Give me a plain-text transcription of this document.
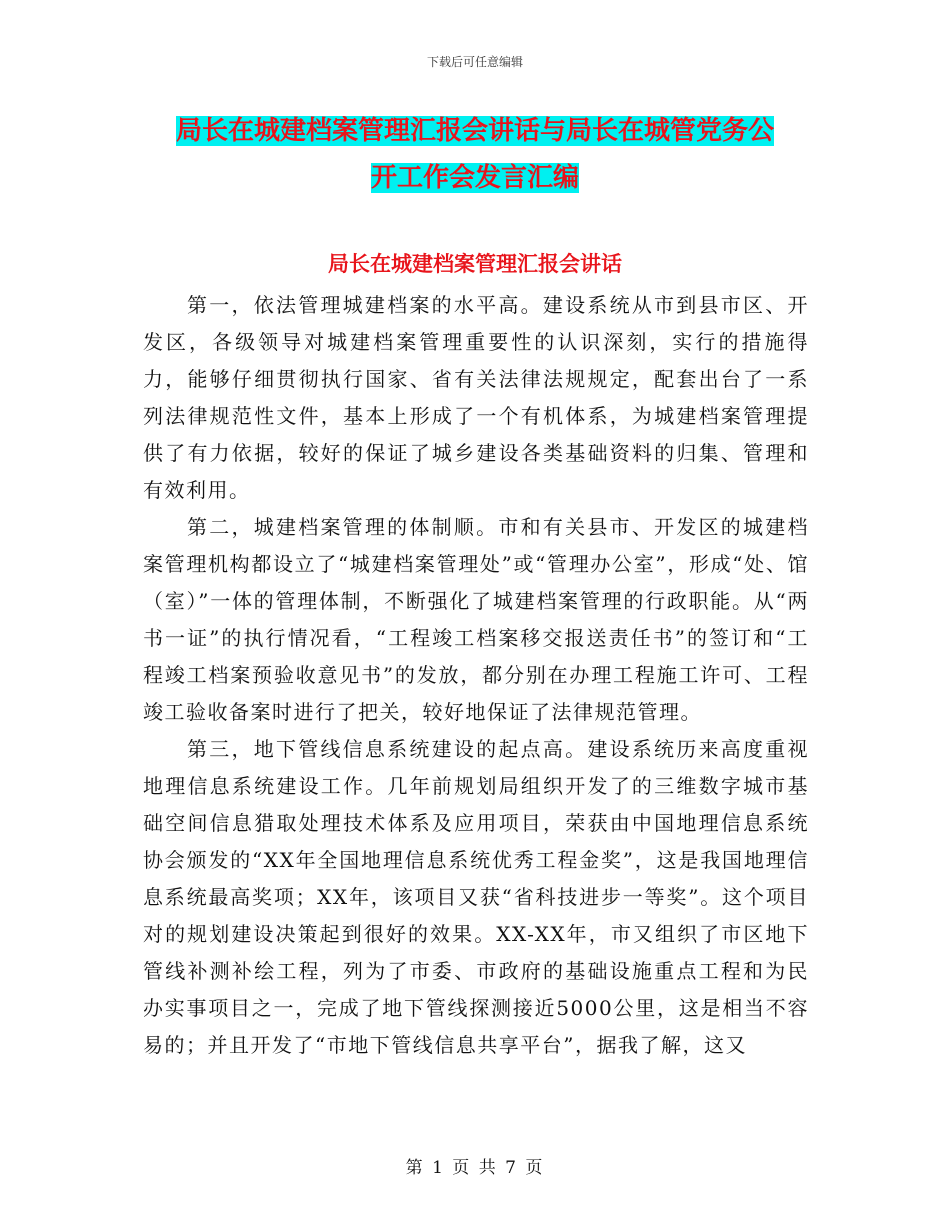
下载后可任意编辑
局长在城建档案管理汇报会讲话与局长在城管党务公
开工作会发言汇编
局长在城建档案管理汇报会讲话

第一，依法管理城建档案的水平高。建设系统从市到县市区、开发区，各级领导对城建档案管理重要性的认识深刻，实行的措施得力，能够仔细贯彻执行国家、省有关法律法规规定，配套出台了一系列法律规范性文件，基本上形成了一个有机体系，为城建档案管理提供了有力依据，较好的保证了城乡建设各类基础资料的归集、管理和有效利用。

第二，城建档案管理的体制顺。市和有关县市、开发区的城建档案管理机构都设立了“城建档案管理处”或“管理办公室”，形成“处、馆（室）”一体的管理体制，不断强化了城建档案管理的行政职能。从“两书一证”的执行情况看，“工程竣工档案移交报送责任书”的签订和“工程竣工档案预验收意见书”的发放，都分别在办理工程施工许可、工程竣工验收备案时进行了把关，较好地保证了法律规范管理。

第三，地下管线信息系统建设的起点高。建设系统历来高度重视地理信息系统建设工作。几年前规划局组织开发了的三维数字城市基础空间信息猎取处理技术体系及应用项目，荣获由中国地理信息系统协会颁发的“XX年全国地理信息系统优秀工程金奖”，这是我国地理信息系统最高奖项；XX年，该项目又获“省科技进步一等奖”。这个项目对的规划建设决策起到很好的效果。XX-XX年，市又组织了市区地下管线补测补绘工程，列为了市委、市政府的基础设施重点工程和为民办实事项目之一，完成了地下管线探测接近5000公里，这是相当不容易的；并且开发了“市地下管线信息共享平台”，据我了解，这又

第 1 页 共 7 页
